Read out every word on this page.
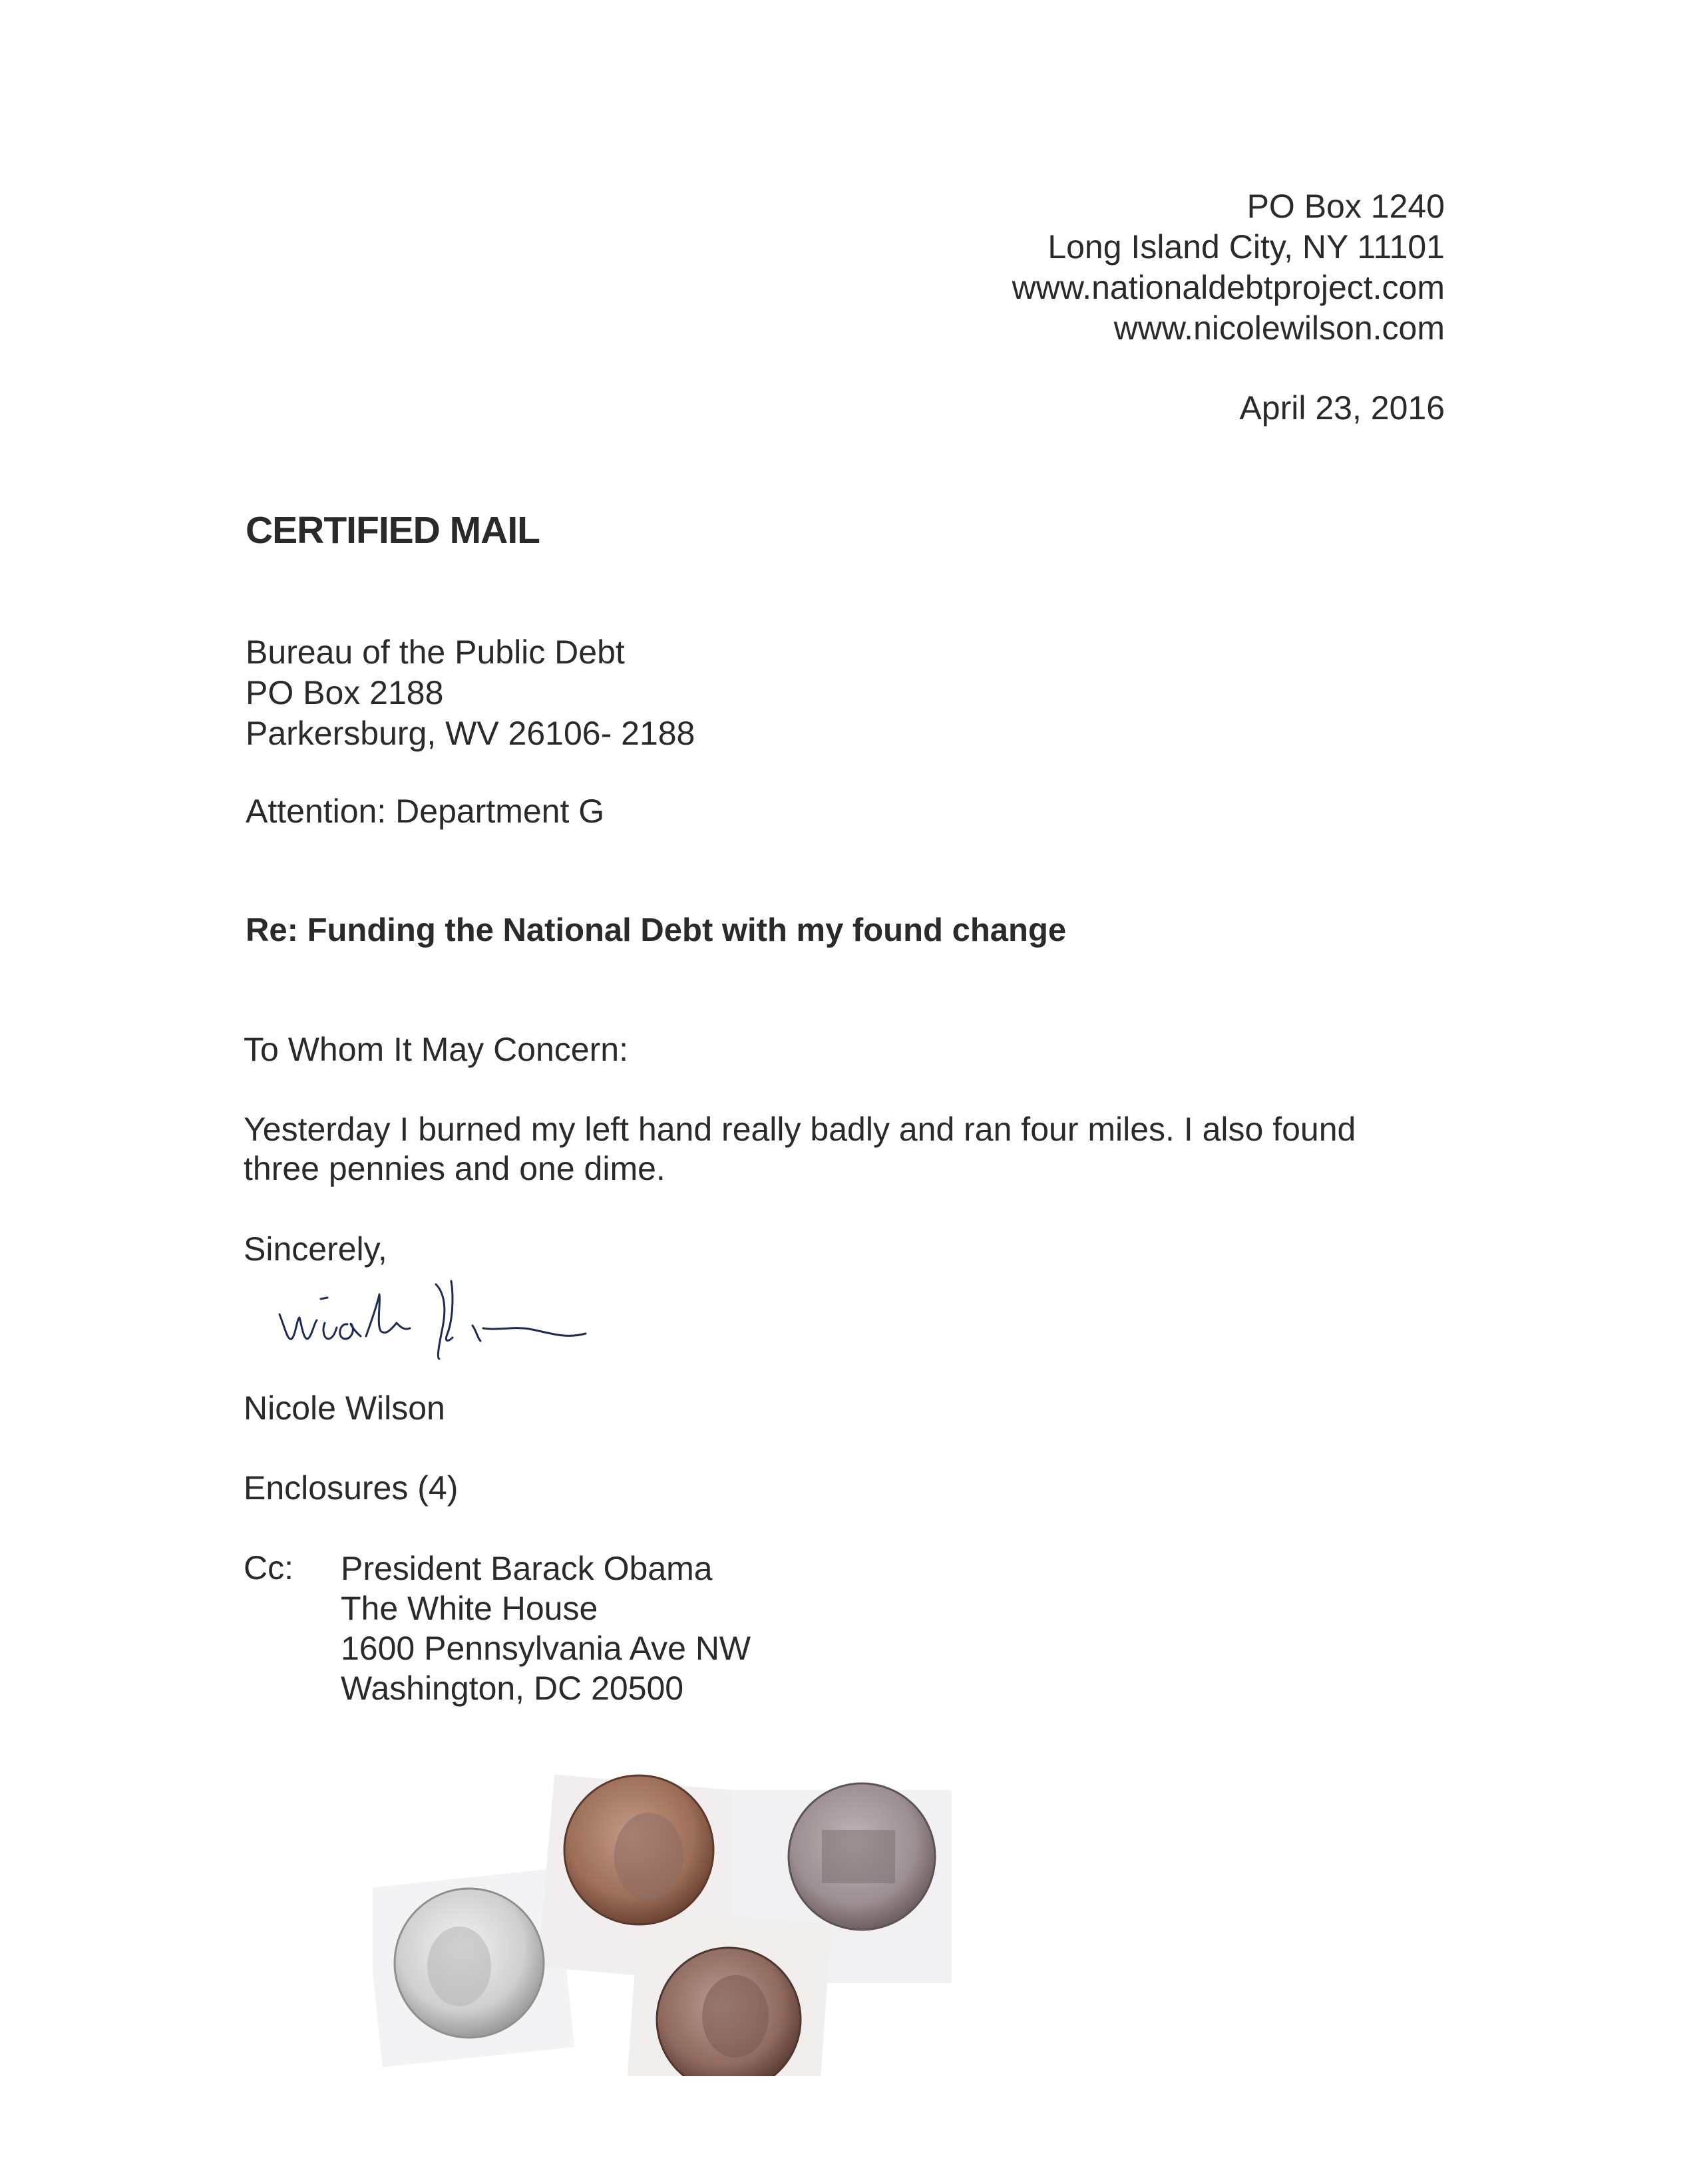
PO Box 1240
Long Island City, NY 11101
www.nationaldebtproject.com
www.nicolewilson.com
April 23, 2016
CERTIFIED MAIL
Bureau of the Public Debt
PO Box 2188
Parkersburg, WV 26106- 2188
Attention: Department G
Re: Funding the National Debt with my found change
To Whom It May Concern:
Yesterday I burned my left hand really badly and ran four miles. I also found three pennies and one dime.
Sincerely,
Nicole Wilson
Enclosures (4)
Cc: President Barack Obama
The White House
1600 Pennsylvania Ave NW
Washington, DC 20500
